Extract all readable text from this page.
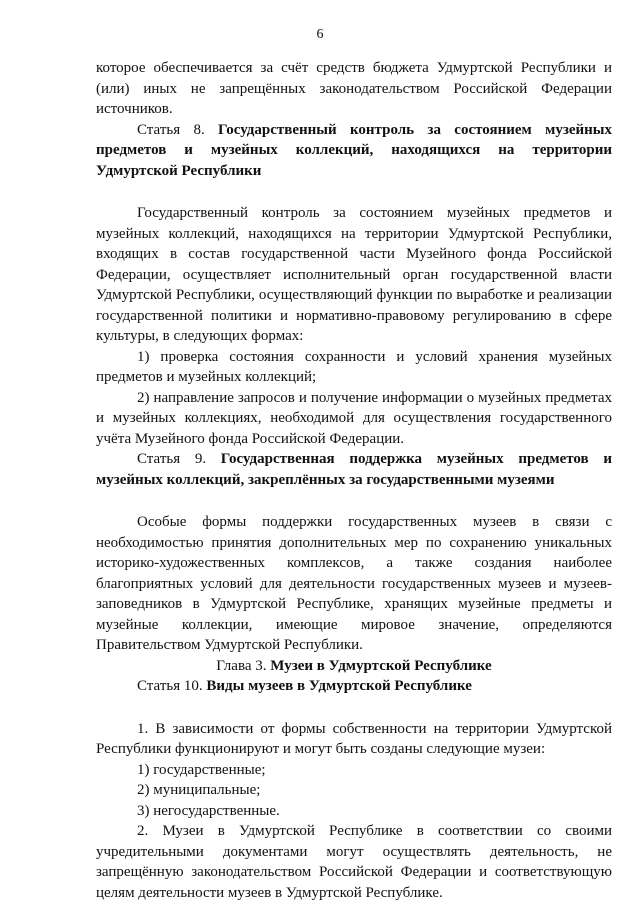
6

которое обеспечивается за счёт средств бюджета Удмуртской Республики и (или) иных не запрещённых законодательством Российской Федерации источников.

Статья 8. Государственный контроль за состоянием музейных предметов и музейных коллекций, находящихся на территории Удмуртской Республики

Государственный контроль за состоянием музейных предметов и музейных коллекций, находящихся на территории Удмуртской Республики, входящих в состав государственной части Музейного фонда Российской Федерации, осуществляет исполнительный орган государственной власти Удмуртской Республики, осуществляющий функции по выработке и реализации государственной политики и нормативно-правовому регулированию в сфере культуры, в следующих формах:

1) проверка состояния сохранности и условий хранения музейных предметов и музейных коллекций;

2) направление запросов и получение информации о музейных предметах и музейных коллекциях, необходимой для осуществления государственного учёта Музейного фонда Российской Федерации.

Статья 9. Государственная поддержка музейных предметов и музейных коллекций, закреплённых за государственными музеями

Особые формы поддержки государственных музеев в связи с необходимостью принятия дополнительных мер по сохранению уникальных историко-художественных комплексов, а также создания наиболее благоприятных условий для деятельности государственных музеев и музеев-заповедников в Удмуртской Республике, хранящих музейные предметы и музейные коллекции, имеющие мировое значение, определяются Правительством Удмуртской Республики.

Глава 3. Музеи в Удмуртской Республике

Статья 10. Виды музеев в Удмуртской Республике

1. В зависимости от формы собственности на территории Удмуртской Республики функционируют и могут быть созданы следующие музеи:

1) государственные;

2) муниципальные;

3) негосударственные.

2. Музеи в Удмуртской Республике в соответствии со своими учредительными документами могут осуществлять деятельность, не запрещённую законодательством Российской Федерации и соответствующую целям деятельности музеев в Удмуртской Республике.
